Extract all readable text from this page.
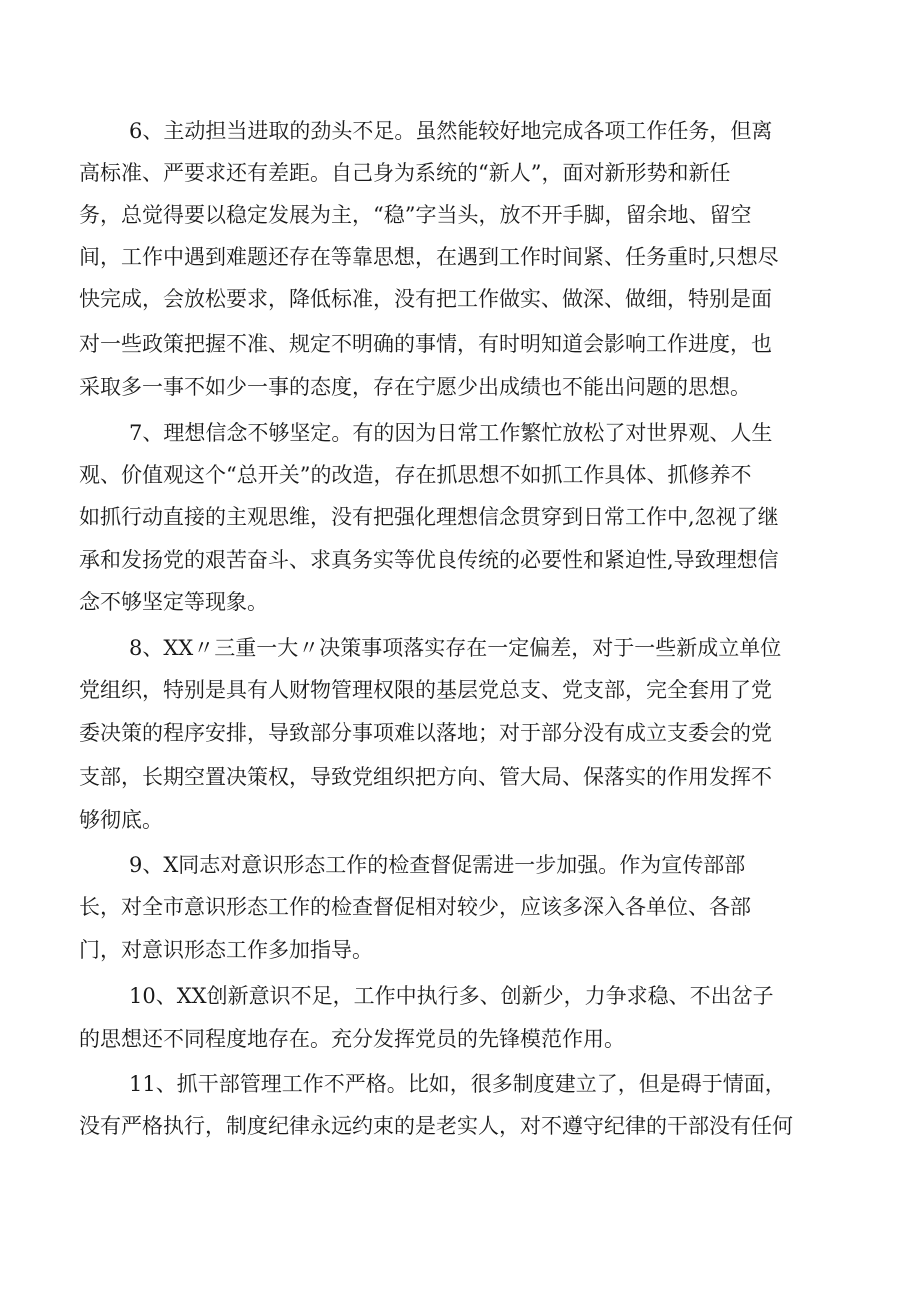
6、主动担当进取的劲头不足。虽然能较好地完成各项工作任务，但离
高标准、严要求还有差距。自己身为系统的“新人”，面对新形势和新任
务，总觉得要以稳定发展为主，“稳”字当头，放不开手脚，留余地、留空
间，工作中遇到难题还存在等靠思想，在遇到工作时间紧、任务重时,只想尽
快完成，会放松要求，降低标准，没有把工作做实、做深、做细，特别是面
对一些政策把握不准、规定不明确的事情，有时明知道会影响工作进度，也
采取多一事不如少一事的态度，存在宁愿少出成绩也不能出问题的思想。
7、理想信念不够坚定。有的因为日常工作繁忙放松了对世界观、人生
观、价值观这个“总开关”的改造，存在抓思想不如抓工作具体、抓修养不
如抓行动直接的主观思维，没有把强化理想信念贯穿到日常工作中,忽视了继
承和发扬党的艰苦奋斗、求真务实等优良传统的必要性和紧迫性,导致理想信
念不够坚定等现象。
8、XX〃三重一大〃决策事项落实存在一定偏差，对于一些新成立单位
党组织，特别是具有人财物管理权限的基层党总支、党支部，完全套用了党
委决策的程序安排，导致部分事项难以落地；对于部分没有成立支委会的党
支部，长期空置决策权，导致党组织把方向、管大局、保落实的作用发挥不
够彻底。
9、X同志对意识形态工作的检查督促需进一步加强。作为宣传部部
长，对全市意识形态工作的检查督促相对较少，应该多深入各单位、各部
门，对意识形态工作多加指导。
10、XX创新意识不足，工作中执行多、创新少，力争求稳、不出岔子
的思想还不同程度地存在。充分发挥党员的先锋模范作用。
11、抓干部管理工作不严格。比如，很多制度建立了，但是碍于情面，
没有严格执行，制度纪律永远约束的是老实人，对不遵守纪律的干部没有任何
